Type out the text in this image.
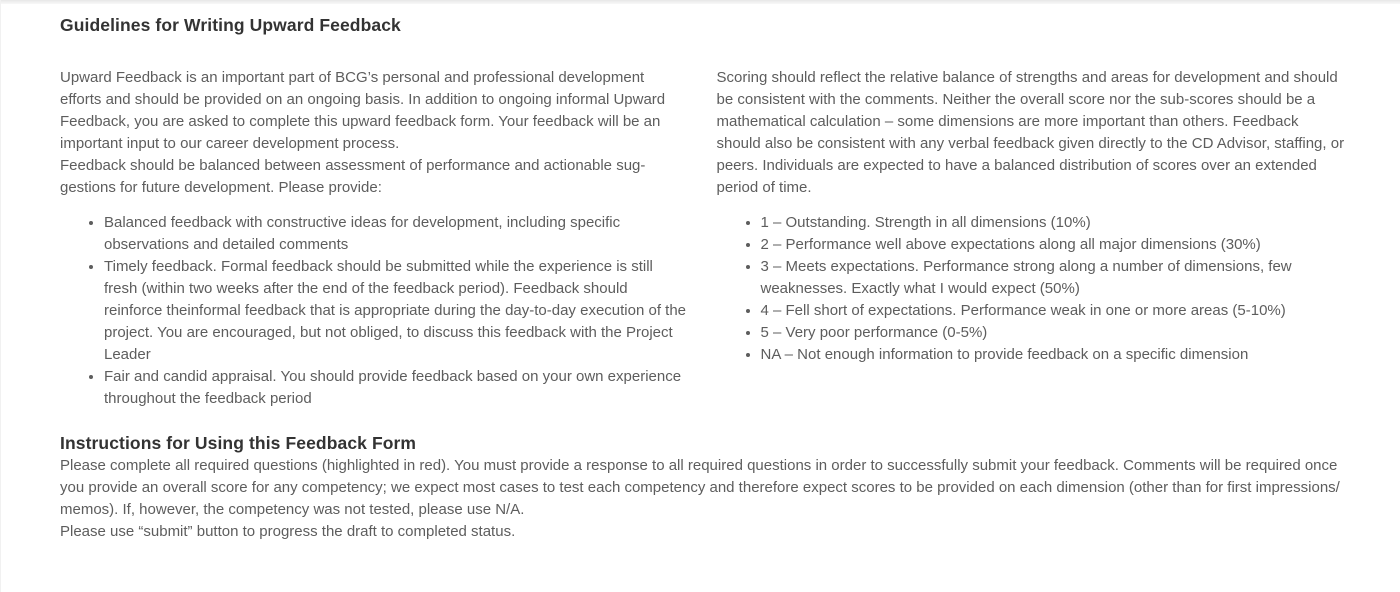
Guidelines for Writing Upward Feedback

Upward Feedback is an important part of BCG’s personal and professional development efforts and should be provided on an ongoing basis. In addition to ongoing informal Upward Feedback, you are asked to complete this upward feedback form. Your feedback will be an important input to our career development process.

Feedback should be balanced between assessment of performance and actionable suggestions for future development. Please provide:

• Balanced feedback with constructive ideas for development, including specific observations and detailed comments
• Timely feedback. Formal feedback should be submitted while the experience is still fresh (within two weeks after the end of the feedback period). Feedback should reinforce theinformal feedback that is appropriate during the day-to-day execution of the project. You are encouraged, but not obliged, to discuss this feedback with the Project Leader
• Fair and candid appraisal. You should provide feedback based on your own experience throughout the feedback period

Scoring should reflect the relative balance of strengths and areas for development and should be consistent with the comments. Neither the overall score nor the sub-scores should be a mathematical calculation – some dimensions are more important than others. Feedback should also be consistent with any verbal feedback given directly to the CD Advisor, staffing, or peers. Individuals are expected to have a balanced distribution of scores over an extended period of time.

• 1 – Outstanding. Strength in all dimensions (10%)
• 2 – Performance well above expectations along all major dimensions (30%)
• 3 – Meets expectations. Performance strong along a number of dimensions, few weaknesses. Exactly what I would expect (50%)
• 4 – Fell short of expectations. Performance weak in one or more areas (5-10%)
• 5 – Very poor performance (0-5%)
• NA – Not enough information to provide feedback on a specific dimension
Instructions for Using this Feedback Form

Please complete all required questions (highlighted in red). You must provide a response to all required questions in order to successfully submit your feedback. Comments will be required once you provide an overall score for any competency; we expect most cases to test each competency and therefore expect scores to be provided on each dimension (other than for first impressions/ memos). If, however, the competency was not tested, please use N/A.

Please use “submit” button to progress the draft to completed status.
